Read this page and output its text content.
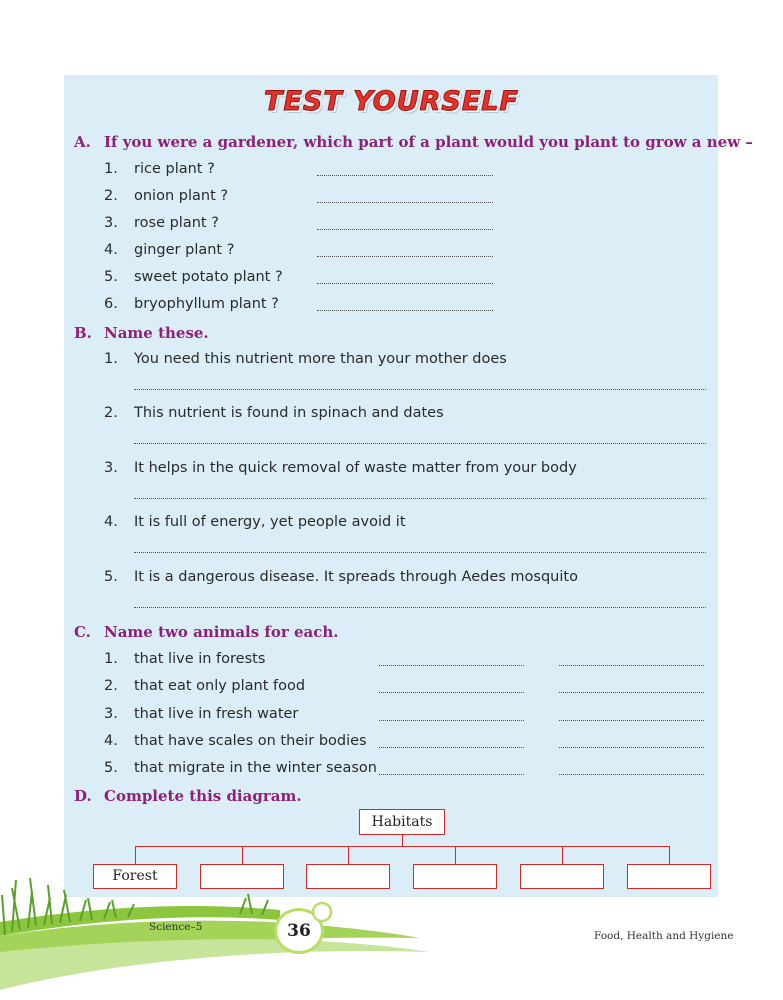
TEST YOURSELF
A. If you were a gardener, which part of a plant would you plant to grow a new –
1. rice plant ?
2. onion plant ?
3. rose plant ?
4. ginger plant ?
5. sweet potato plant ?
6. bryophyllum plant ?
B. Name these.
1. You need this nutrient more than your mother does
2. This nutrient is found in spinach and dates
3. It helps in the quick removal of waste matter from your body
4. It is full of energy, yet people avoid it
5. It is a dangerous disease. It spreads through Aedes mosquito
C. Name two animals for each.
1. that live in forests
2. that eat only plant food
3. that live in fresh water
4. that have scales on their bodies
5. that migrate in the winter season
D. Complete this diagram.
Habitats
Forest
Science–5	36	Food, Health and Hygiene
